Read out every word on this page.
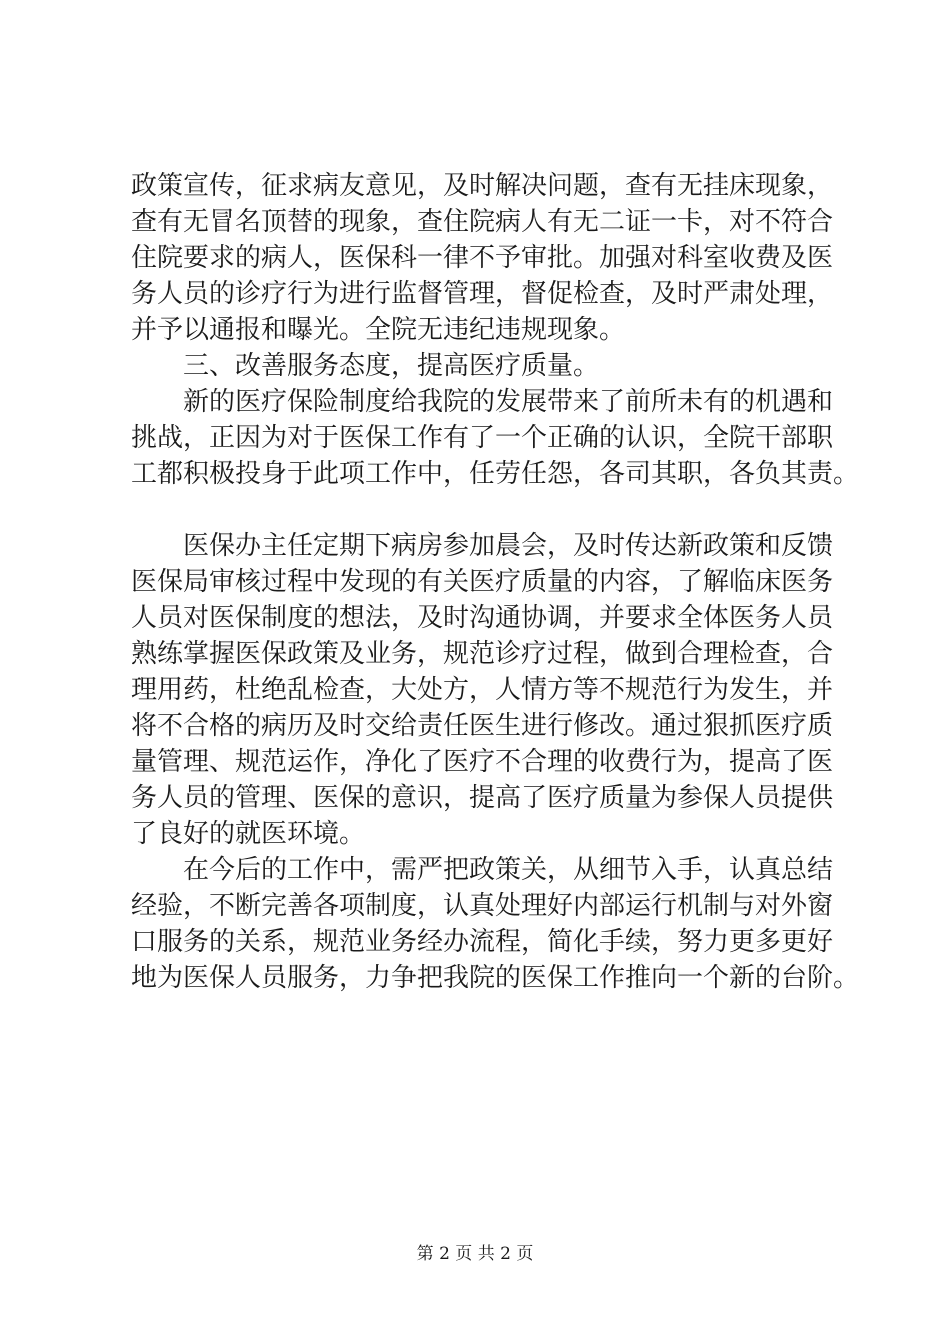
政策宣传，征求病友意见，及时解决问题，查有无挂床现象，
查有无冒名顶替的现象，查住院病人有无二证一卡，对不符合
住院要求的病人，医保科一律不予审批。加强对科室收费及医
务人员的诊疗行为进行监督管理，督促检查，及时严肃处理，
并予以通报和曝光。全院无违纪违规现象。
三、改善服务态度，提高医疗质量。
新的医疗保险制度给我院的发展带来了前所未有的机遇和
挑战，正因为对于医保工作有了一个正确的认识，全院干部职
工都积极投身于此项工作中，任劳任怨，各司其职，各负其责。
医保办主任定期下病房参加晨会，及时传达新政策和反馈
医保局审核过程中发现的有关医疗质量的内容，了解临床医务
人员对医保制度的想法，及时沟通协调，并要求全体医务人员
熟练掌握医保政策及业务，规范诊疗过程，做到合理检查，合
理用药，杜绝乱检查，大处方，人情方等不规范行为发生，并
将不合格的病历及时交给责任医生进行修改。通过狠抓医疗质
量管理、规范运作，净化了医疗不合理的收费行为，提高了医
务人员的管理、医保的意识，提高了医疗质量为参保人员提供
了良好的就医环境。
在今后的工作中，需严把政策关，从细节入手，认真总结
经验，不断完善各项制度，认真处理好内部运行机制与对外窗
口服务的关系，规范业务经办流程，简化手续，努力更多更好
地为医保人员服务，力争把我院的医保工作推向一个新的台阶。
第 2 页 共 2 页
